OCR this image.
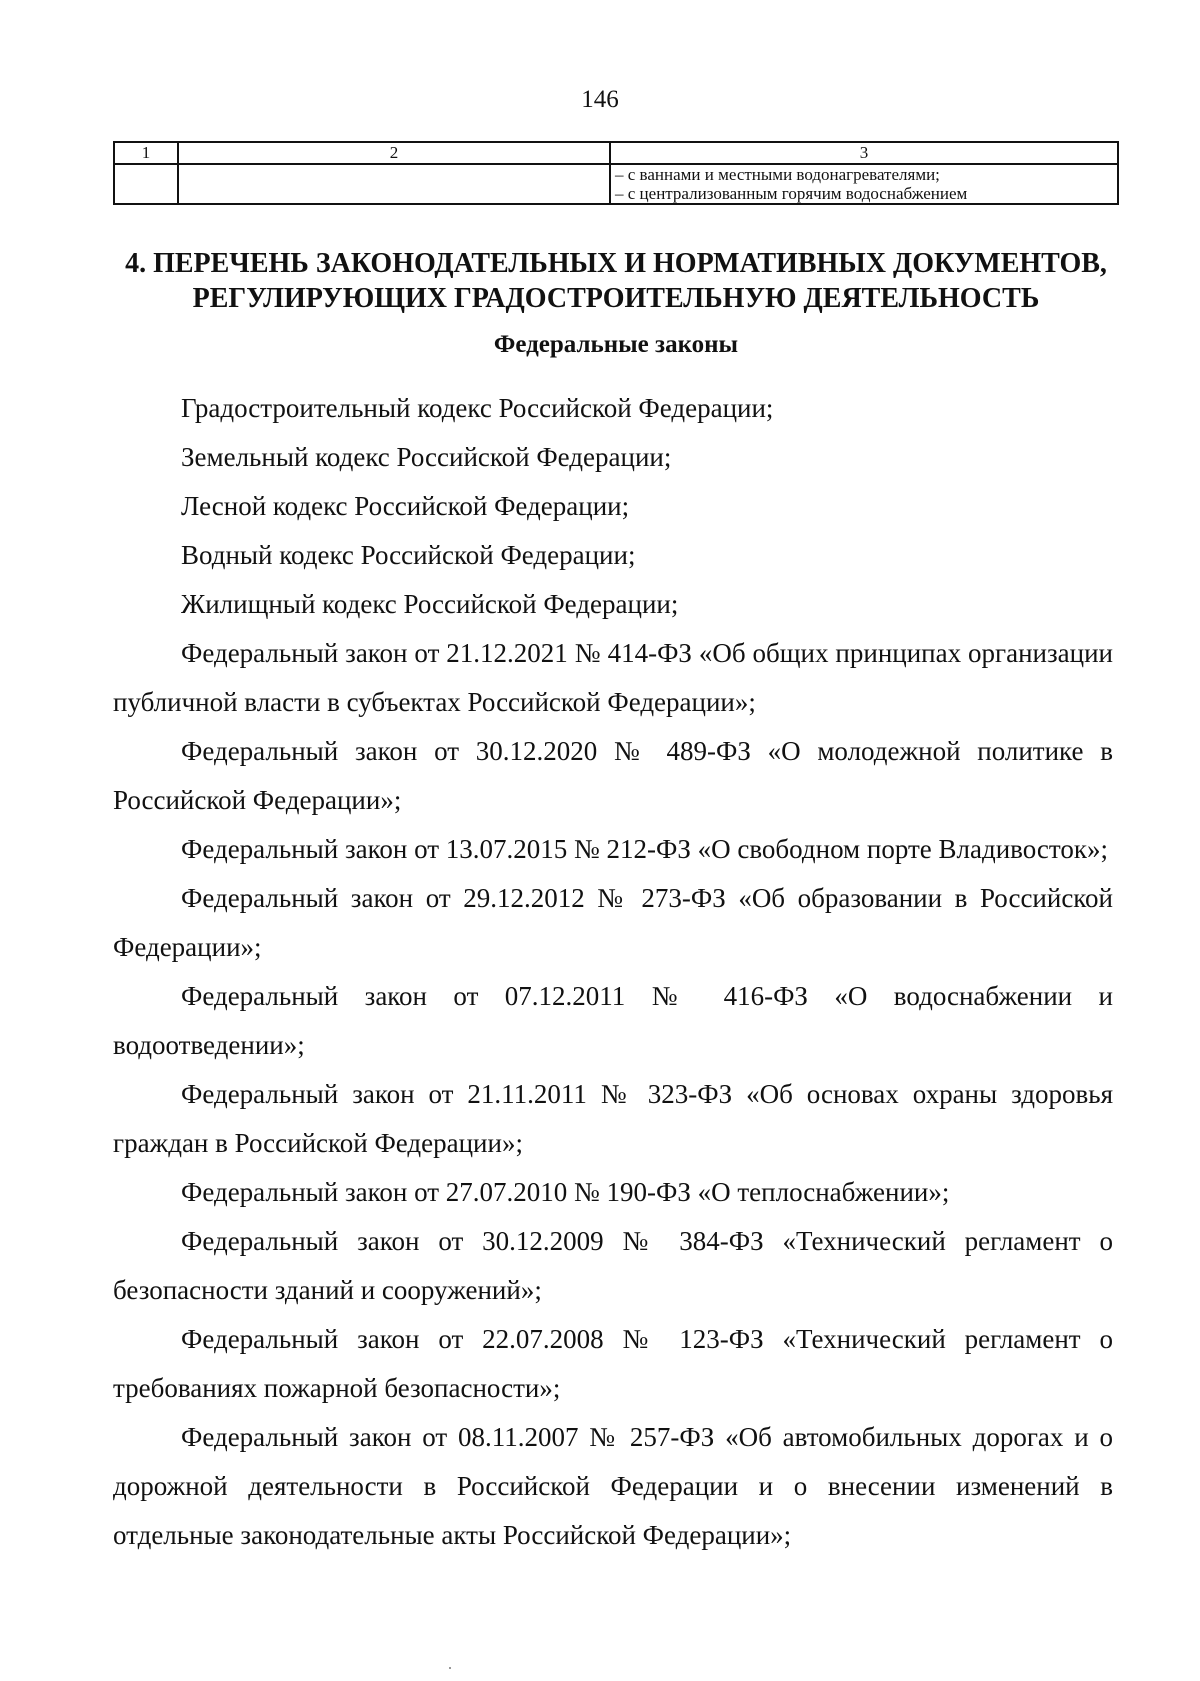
146
1	2	3

		– с ваннами и местными водонагревателями;
– с централизованным горячим водоснабжением
4. ПЕРЕЧЕНЬ ЗАКОНОДАТЕЛЬНЫХ И НОРМАТИВНЫХ ДОКУМЕНТОВ,
РЕГУЛИРУЮЩИХ ГРАДОСТРОИТЕЛЬНУЮ ДЕЯТЕЛЬНОСТЬ
Федеральные законы

Градостроительный кодекс Российской Федерации;

Земельный кодекс Российской Федерации;

Лесной кодекс Российской Федерации;

Водный кодекс Российской Федерации;

Жилищный кодекс Российской Федерации;

Федеральный закон от 21.12.2021 № 414-ФЗ «Об общих принципах организации публичной власти в субъектах Российской Федерации»;

Федеральный закон от 30.12.2020 № 489-ФЗ «О молодежной политике в Российской Федерации»;

Федеральный закон от 13.07.2015 № 212-ФЗ «О свободном порте Владивосток»;

Федеральный закон от 29.12.2012 № 273-ФЗ «Об образовании в Российской Федерации»;

Федеральный закон от 07.12.2011 № 416-ФЗ «О водоснабжении и водоотведении»;

Федеральный закон от 21.11.2011 № 323-ФЗ «Об основах охраны здоровья граждан в Российской Федерации»;

Федеральный закон от 27.07.2010 № 190-ФЗ «О теплоснабжении»;

Федеральный закон от 30.12.2009 № 384-ФЗ «Технический регламент о безопасности зданий и сооружений»;

Федеральный закон от 22.07.2008 № 123-ФЗ «Технический регламент о требованиях пожарной безопасности»;

Федеральный закон от 08.11.2007 № 257-ФЗ «Об автомобильных дорогах и о дорожной деятельности в Российской Федерации и о внесении изменений в отдельные законодательные акты Российской Федерации»;
